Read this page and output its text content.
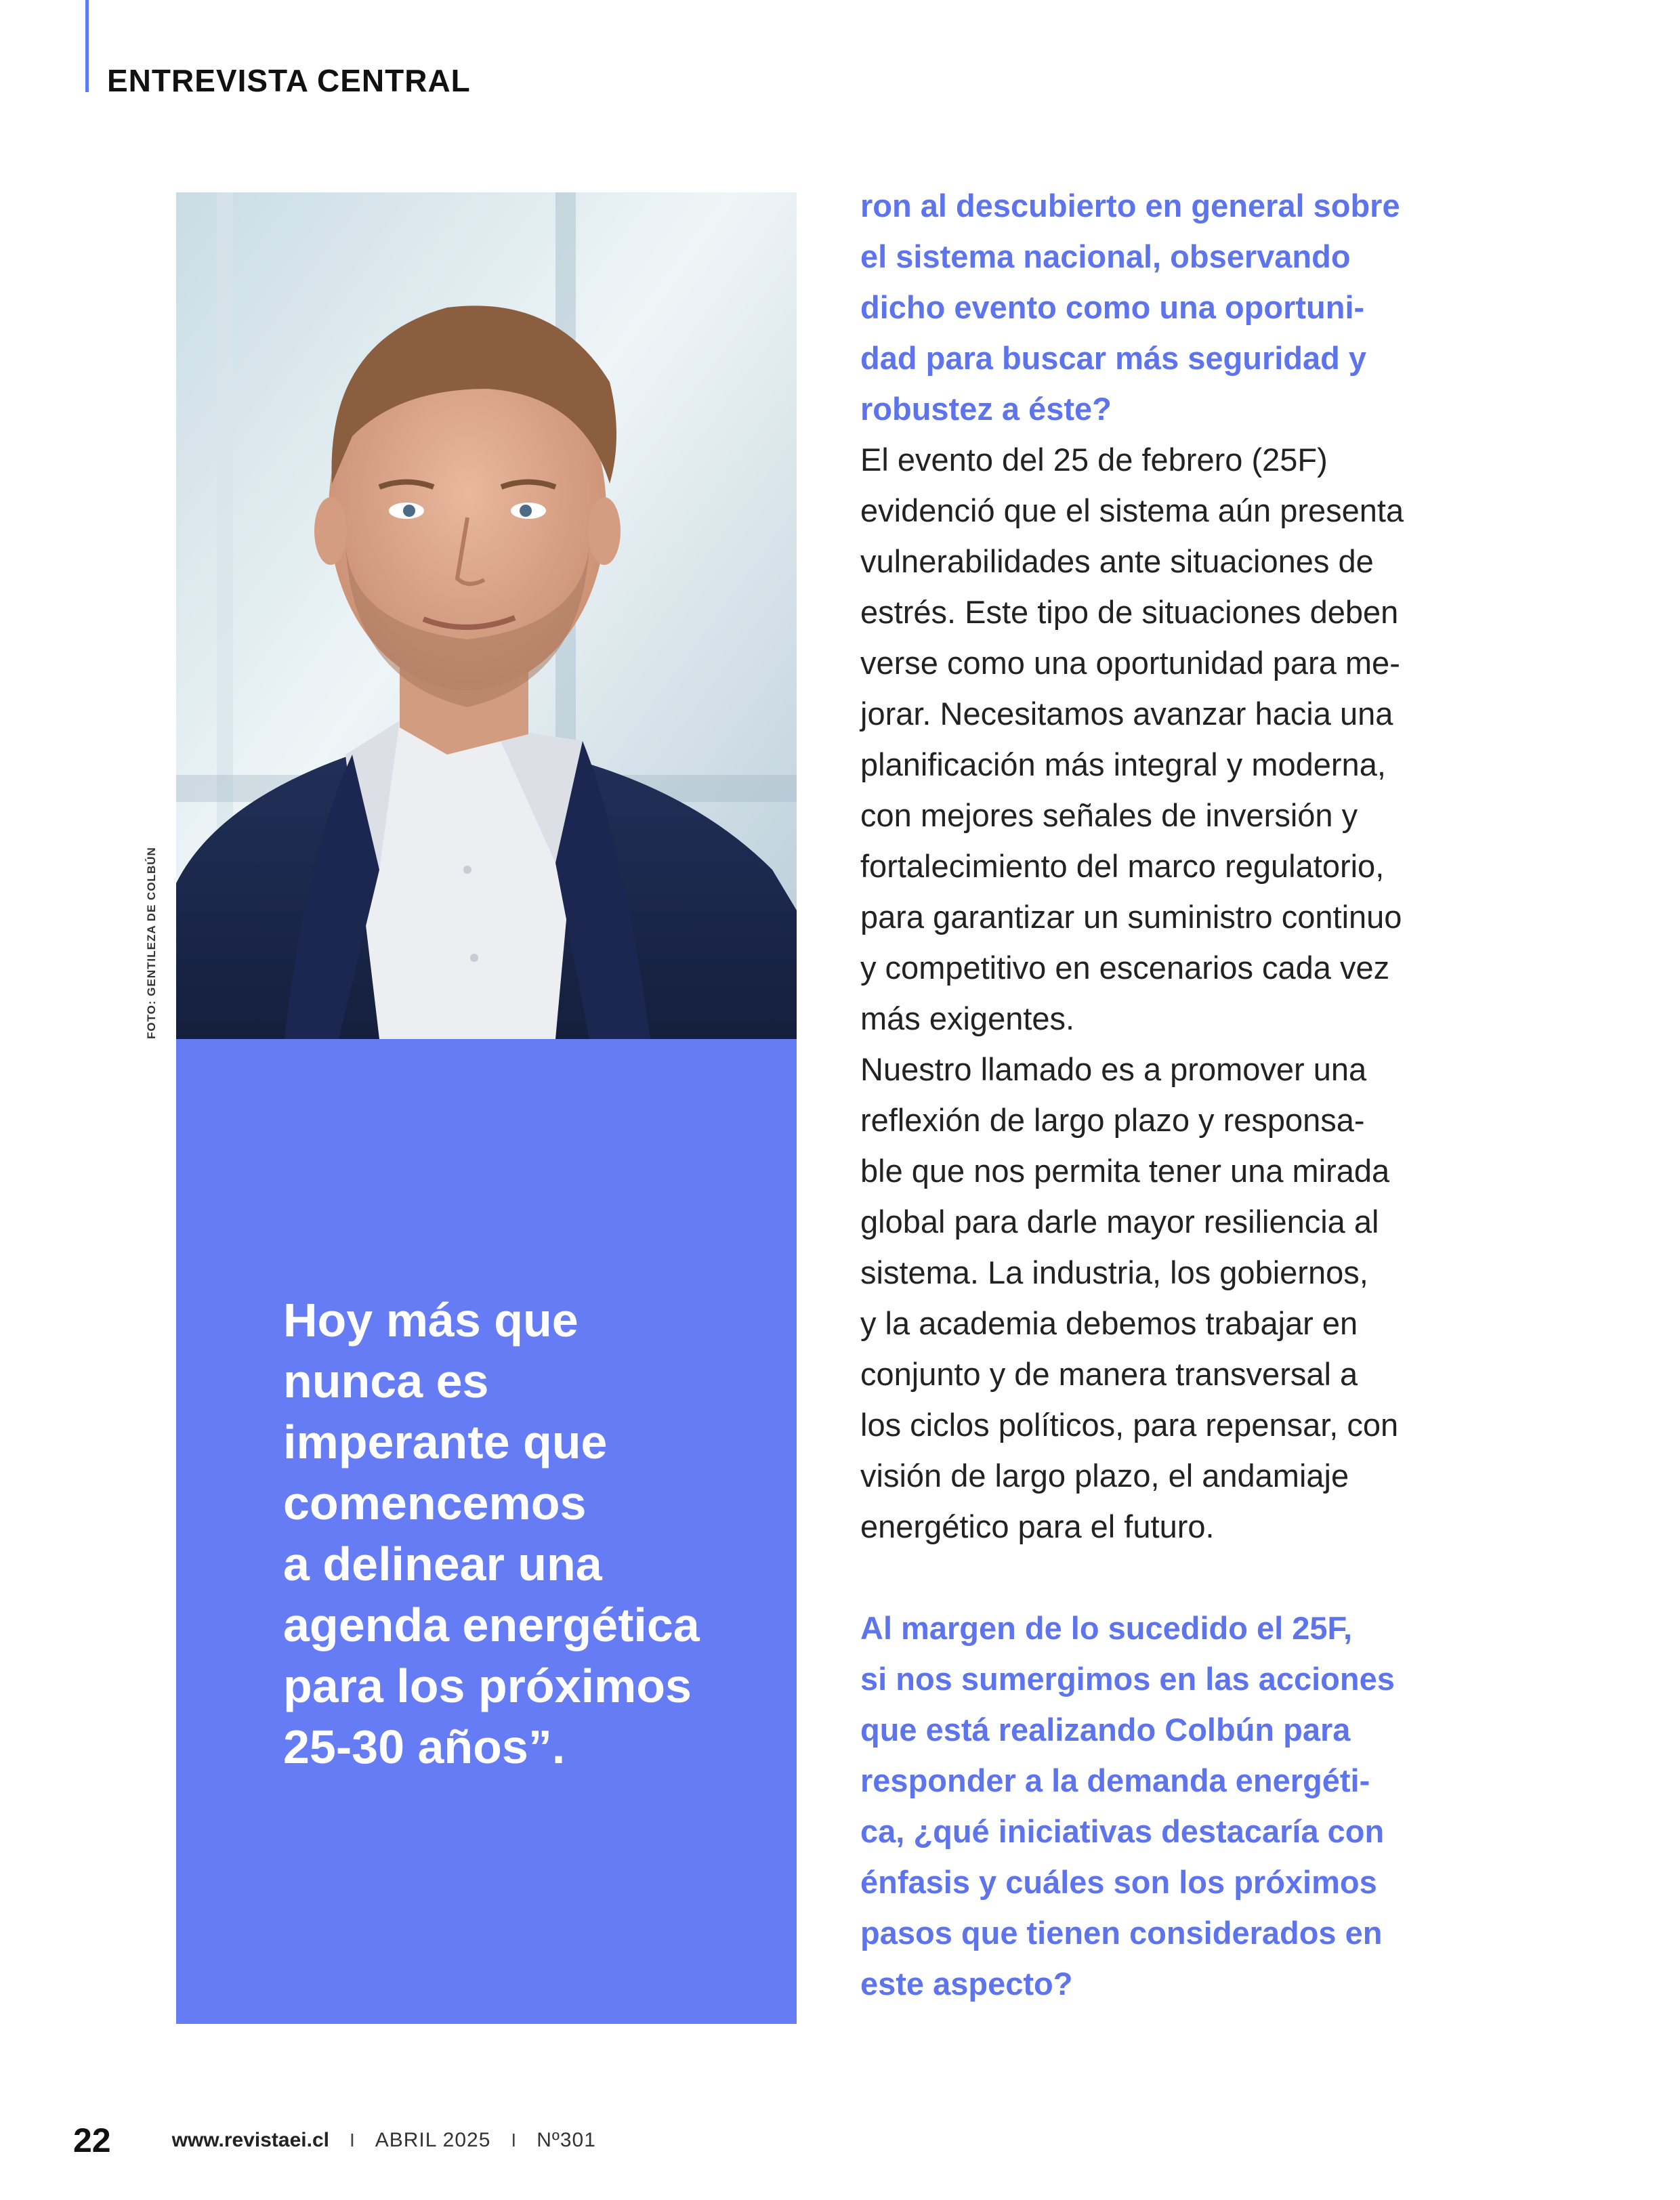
ENTREVISTA CENTRAL
FOTO: GENTILEZA DE COLBÚN
Hoy más que
nunca es
imperante que
comencemos
a delinear una
agenda energética
para los próximos
25-30 años”.

ron al descubierto en general sobre
el sistema nacional, observando
dicho evento como una oportuni-
dad para buscar más seguridad y
robustez a éste?

El evento del 25 de febrero (25F)
evidenció que el sistema aún presenta
vulnerabilidades ante situaciones de
estrés. Este tipo de situaciones deben
verse como una oportunidad para me-
jorar. Necesitamos avanzar hacia una
planificación más integral y moderna,
con mejores señales de inversión y
fortalecimiento del marco regulatorio,
para garantizar un suministro continuo
y competitivo en escenarios cada vez
más exigentes.

Nuestro llamado es a promover una
reflexión de largo plazo y responsa-
ble que nos permita tener una mirada
global para darle mayor resiliencia al
sistema. La industria, los gobiernos,
y la academia debemos trabajar en
conjunto y de manera transversal a
los ciclos políticos, para repensar, con
visión de largo plazo, el andamiaje
energético para el futuro.

Al margen de lo sucedido el 25F,
si nos sumergimos en las acciones
que está realizando Colbún para
responder a la demanda energéti-
ca, ¿qué iniciativas destacaría con
énfasis y cuáles son los próximos
pasos que tienen considerados en
este aspecto?

22	www.revistaei.cl I ABRIL 2025 I Nº301
